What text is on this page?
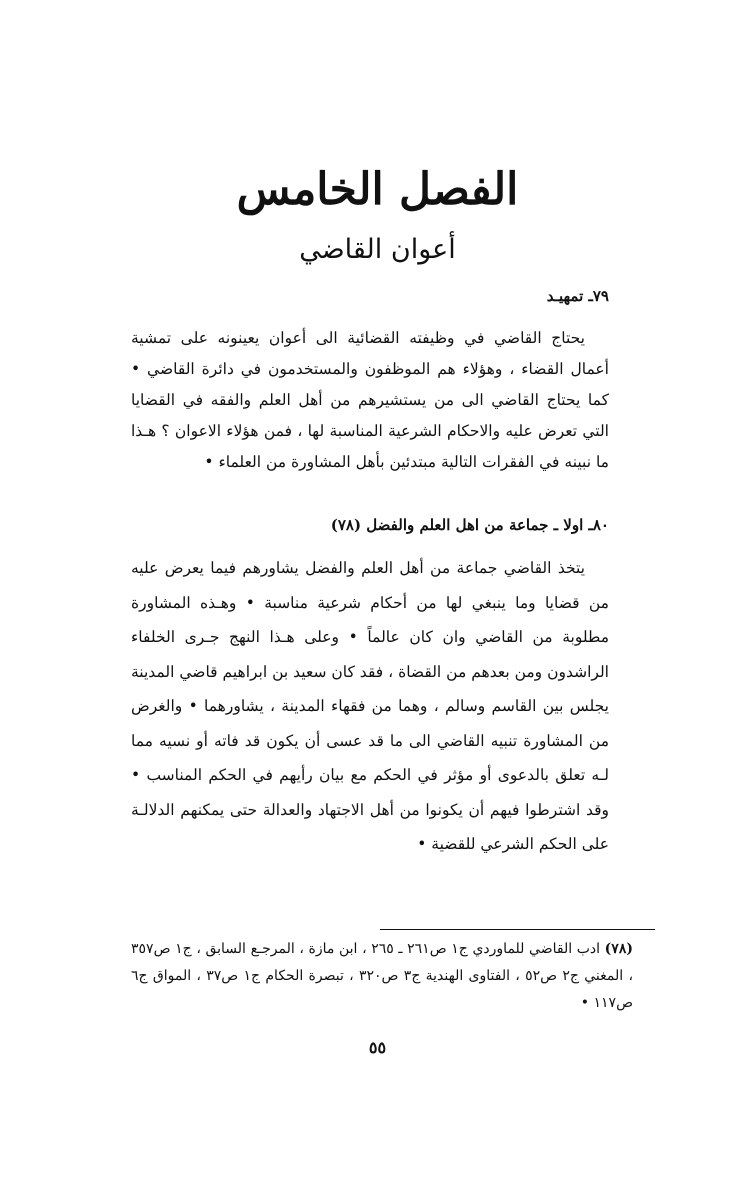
الفصل الخامس
أعوان القاضي
٧٩ـ تمهيـد

يحتاج القاضي في وظيفته القضائية الى أعوان يعينونه على تمشية أعمال القضاء ، وهؤلاء هم الموظفون والمستخدمون في دائرة القاضي • كما يحتاج القاضي الى من يستشيرهم من أهل العلم والفقه في القضايا التي تعرض عليه والاحكام الشرعية المناسبة لها ، فمن هؤلاء الاعوان ؟ هـذا ما نبينه في الفقرات التالية مبتدئين بأهل المشاورة من العلماء •

٨٠ـ اولا ـ جماعة من اهل العلم والفضل (٧٨)

يتخذ القاضي جماعة من أهل العلم والفضل يشاورهم فيما يعرض عليه من قضايا وما ينبغي لها من أحكام شرعية مناسبة • وهـذه المشاورة مطلوبة من القاضي وان كان عالماً • وعلى هـذا النهج جـرى الخلفاء الراشدون ومن بعدهم من القضاة ، فقد كان سعيد بن ابراهيم قاضي المدينة يجلس بين القاسم وسالم ، وهما من فقهاء المدينة ، يشاورهما • والغرض من المشاورة تنبيه القاضي الى ما قد عسى أن يكون قد فاته أو نسيه مما لـه تعلق بالدعوى أو مؤثر في الحكم مع بيان رأيهم في الحكم المناسب • وقد اشترطوا فيهم أن يكونوا من أهل الاجتهاد والعدالة حتى يمكنهم الدلالـة على الحكم الشرعي للقضية •

(٧٨) ادب القاضي للماوردي ج١ ص٢٦١ ـ ٢٦٥ ، ابن مازة ، المرجـع السابق ، ج١ ص٣٥٧ ، المغني ج٢ ص٥٢ ، الفتاوى الهندية ج٣ ص٣٢٠ ، تبصرة الحكام ج١ ص٣٧ ، المواق ج٦ ص١١٧ •
٥٥
